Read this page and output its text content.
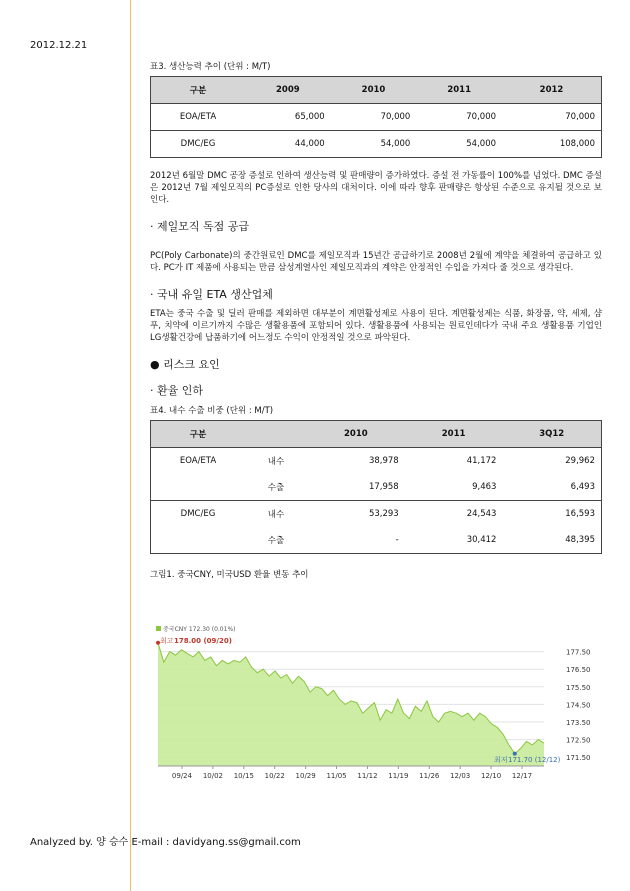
2012.12.21

표3. 생산능력 추이 (단위 : M/T)

구분	2009	2010	2011	2012
EOA/ETA	65,000	70,000	70,000	70,000
DMC/EG	44,000	54,000	54,000	108,000

2012년 6월말 DMC 공장 증설로 인하여 생산능력 및 판매량이 증가하였다. 증설 전 가동률이 100%를 넘었다. DMC 증설은 2012년 7월 제일모직의 PC증설로 인한 당사의 대처이다. 이에 따라 향후 판매량은 항상된 수준으로 유지될 것으로 보인다.

· 제일모직 독점 공급

PC(Poly Carbonate)의 중간원료인 DMC를 제일모직과 15년간 공급하기로 2008년 2월에 계약을 체결하여 공급하고 있다. PC가 IT 제품에 사용되는 만큼 삼성계열사인 제일모직과의 계약은 안정적인 수입을 가져다 줄 것으로 생각된다.

· 국내 유일 ETA 생산업체

ETA는 중국 수출 및 딜러 판매를 제외하면 대부분이 계면활성제로 사용이 된다. 계면활성제는 식품, 화장품, 약, 세제, 샴푸, 치약에 이르기까지 수많은 생활용품에 포함되어 있다. 생활용품에 사용되는 원료인데다가 국내 주요 생활용품 기업인 LG생활건강에 납품하기에 어느정도 수익이 안정적일 것으로 파악된다.

● 리스크 요인

· 환율 인하

표4. 내수 수출 비중 (단위 : M/T)

구분		2010	2011	3Q12
EOA/ETA	내수	38,978	41,172	29,962
	수출	17,958	9,463	6,493
DMC/EG	내수	53,293	24,543	16,593
	수출	-	30,412	48,395

그림1. 중국CNY, 미국USD 환율 변동 추이

177.50
176.50
175.50
174.50
173.50
172.50
171.50
09/24 10/02 10/15 10/22 10/29 11/05 11/12 11/19 11/26 12/03 12/10 12/17
중국CNY 172.30 (0.01%)
최고 178.00 (09/20)
최저 171.70 (12/12)
Analyzed by. 양 승수 E-mail : davidyang.ss@gmail.com
